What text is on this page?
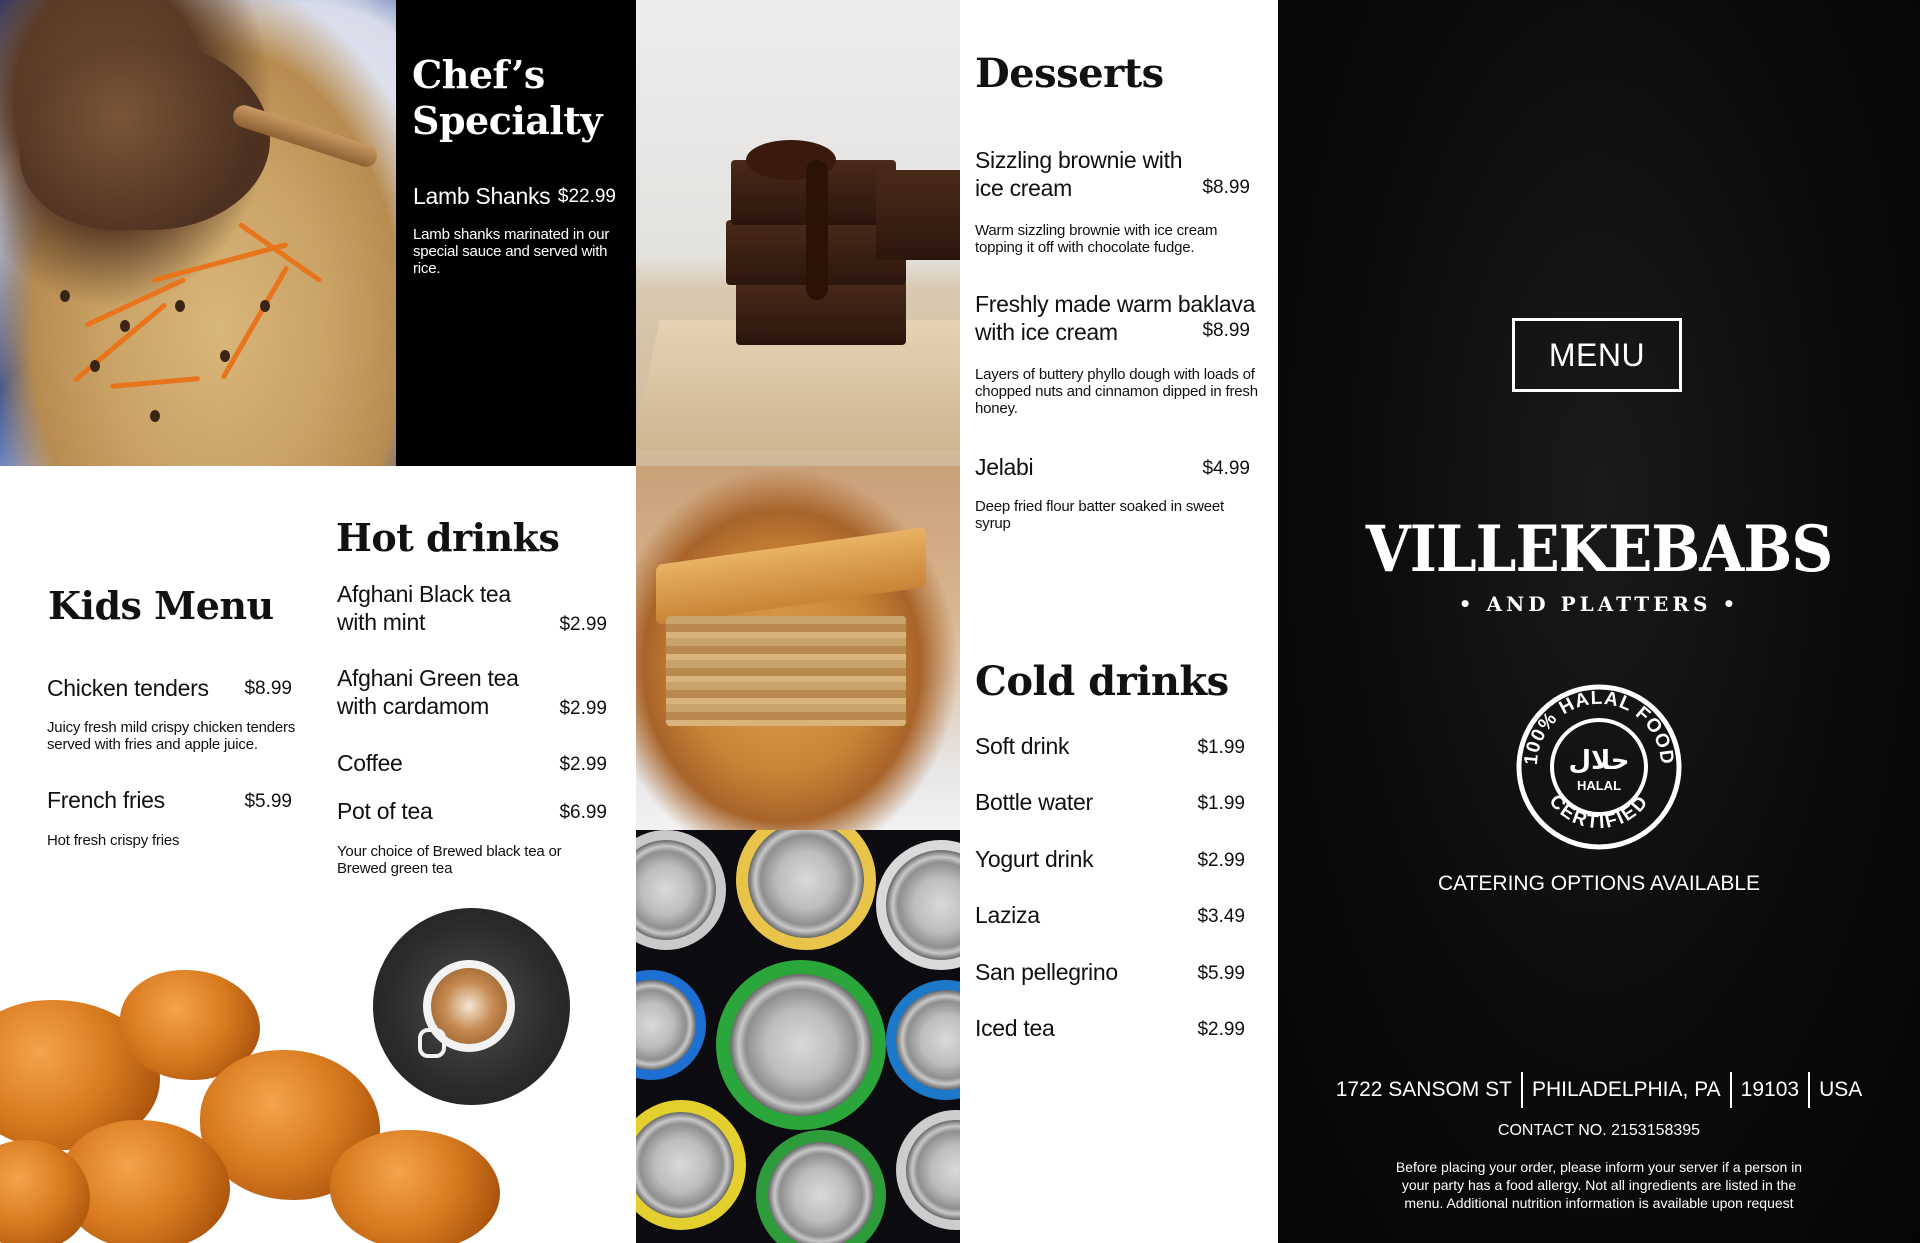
Chef’s
Specialty
Lamb Shanks $22.99
Lamb shanks marinated in our
special sauce and served with
rice.
Desserts
Sizzling brownie with
ice cream	$8.99
Warm sizzling brownie with ice cream
topping it off with chocolate fudge.
Freshly made warm baklava
with ice cream	$8.99
Layers of buttery phyllo dough with loads of
chopped nuts and cinnamon dipped in fresh
honey.
Jelabi	$4.99
Deep fried flour batter soaked in sweet
syrup
Kids Menu
Chicken tenders	$8.99
Juicy fresh mild crispy chicken tenders
served with fries and apple juice.
French fries	$5.99
Hot fresh crispy fries
Hot drinks
Afghani Black tea
with mint	$2.99
Afghani Green tea
with cardamom	$2.99
Coffee	$2.99
Pot of tea	$6.99
Your choice of Brewed black tea or
Brewed green tea
Cold drinks
Soft drink	$1.99
Bottle water	$1.99
Yogurt drink	$2.99
Laziza	$3.49
San pellegrino	$5.99
Iced tea	$2.99
MENU
VILLEKEBABS
• AND PLATTERS •
100% HALAL FOOD
CERTIFIED
حلال
HALAL
CATERING OPTIONS AVAILABLE
1722 SANSOM ST PHILADELPHIA, PA 19103 USA
CONTACT NO. 2153158395
Before placing your order, please inform your server if a person in
your party has a food allergy. Not all ingredients are listed in the
menu. Additional nutrition information is available upon request
